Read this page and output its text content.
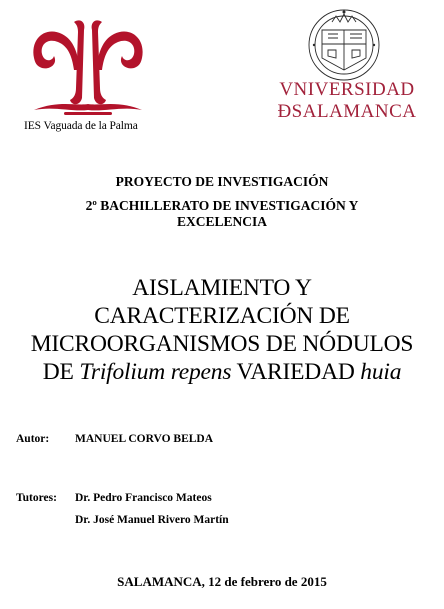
IES Vaguada de la Palma
VNIVERSIDAD
ÐSALAMANCA
PROYECTO DE INVESTIGACIÓN
2º BACHILLERATO DE INVESTIGACIÓN Y
EXCELENCIA
AISLAMIENTO Y
CARACTERIZACIÓN DE
MICROORGANISMOS DE NÓDULOS
DE Trifolium repens VARIEDAD huia
Autor: MANUEL CORVO BELDA
Tutores: Dr. Pedro Francisco Mateos
Dr. José Manuel Rivero Martín
SALAMANCA, 12 de febrero de 2015
